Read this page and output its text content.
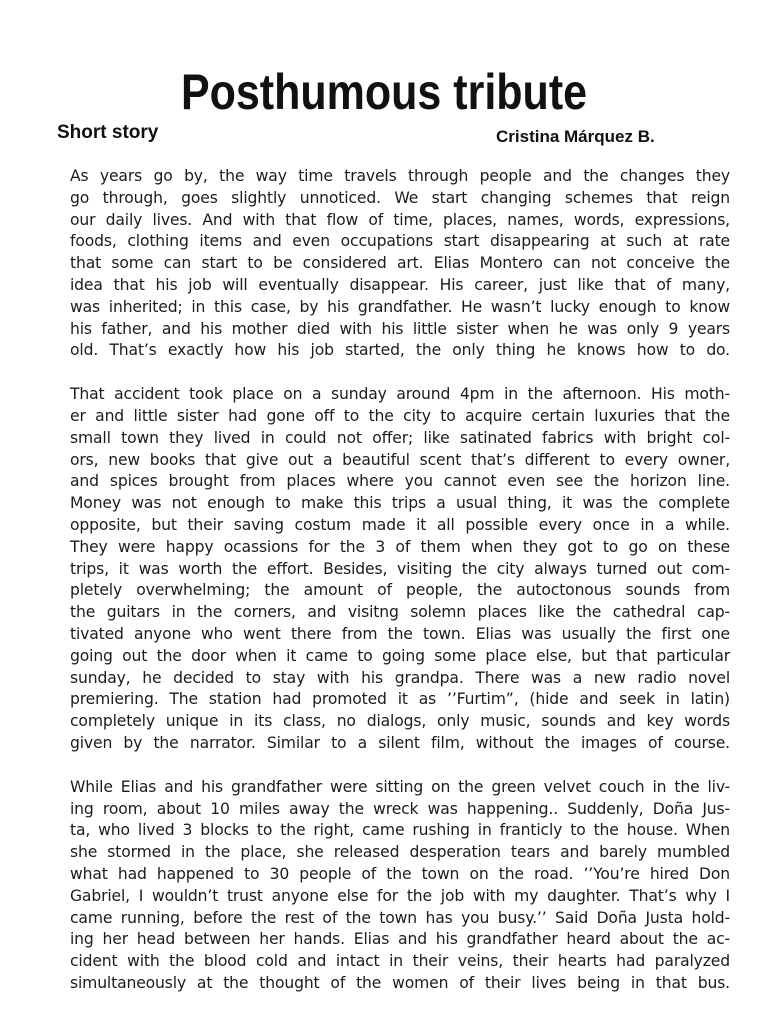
Posthumous tribute
Short story	Cristina Márquez B.

As years go by, the way time travels through people and the changes they
go through, goes slightly unnoticed. We start changing schemes that reign
our daily lives. And with that flow of time, places, names, words, expressions,
foods, clothing items and even occupations start disappearing at such at rate
that some can start to be considered art. Elias Montero can not conceive the
idea that his job will eventually disappear. His career, just like that of many,
was inherited; in this case, by his grandfather. He wasn’t lucky enough to know
his father, and his mother died with his little sister when he was only 9 years
old. That’s exactly how his job started, the only thing he knows how to do.

That accident took place on a sunday around 4pm in the afternoon. His moth-
er and little sister had gone off to the city to acquire certain luxuries that the
small town they lived in could not offer; like satinated fabrics with bright col-
ors, new books that give out a beautiful scent that’s different to every owner,
and spices brought from places where you cannot even see the horizon line.
Money was not enough to make this trips a usual thing, it was the complete
opposite, but their saving costum made it all possible every once in a while.
They were happy ocassions for the 3 of them when they got to go on these
trips, it was worth the effort. Besides, visiting the city always turned out com-
pletely overwhelming; the amount of people, the autoctonous sounds from
the guitars in the corners, and visitng solemn places like the cathedral cap-
tivated anyone who went there from the town. Elias was usually the first one
going out the door when it came to going some place else, but that particular
sunday, he decided to stay with his grandpa. There was a new radio novel
premiering. The station had promoted it as ’’Furtim”, (hide and seek in latin)
completely unique in its class, no dialogs, only music, sounds and key words
given by the narrator. Similar to a silent film, without the images of course.

While Elias and his grandfather were sitting on the green velvet couch in the liv-
ing room, about 10 miles away the wreck was happening.. Suddenly, Doña Jus-
ta, who lived 3 blocks to the right, came rushing in franticly to the house. When
she stormed in the place, she released desperation tears and barely mumbled
what had happened to 30 people of the town on the road. ’’You’re hired Don
Gabriel, I wouldn’t trust anyone else for the job with my daughter. That’s why I
came running, before the rest of the town has you busy.’’ Said Doña Justa hold-
ing her head between her hands. Elias and his grandfather heard about the ac-
cident with the blood cold and intact in their veins, their hearts had paralyzed
simultaneously at the thought of the women of their lives being in that bus.
